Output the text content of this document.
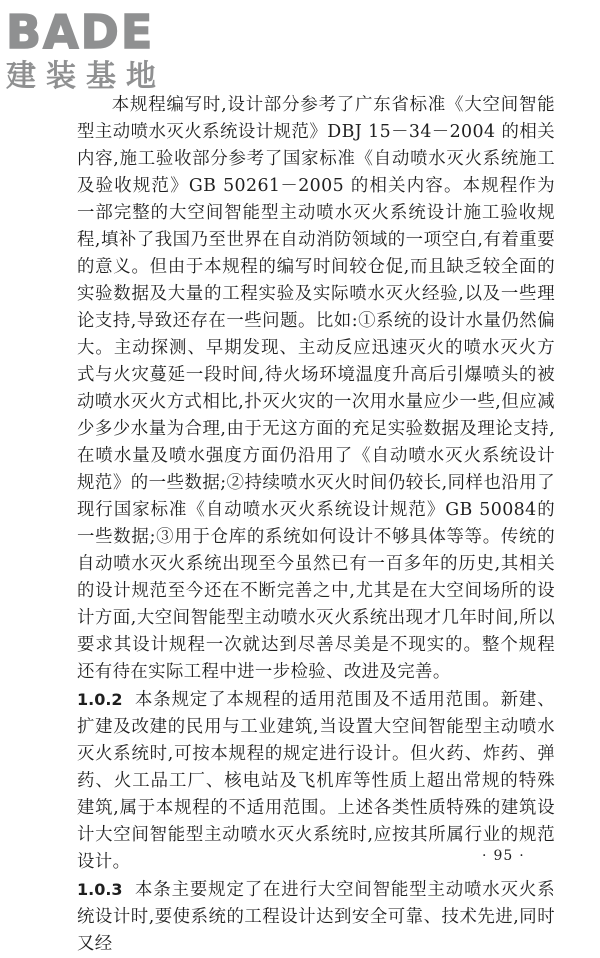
BADE
建装基地

本规程编写时,设计部分参考了广东省标准《大空间智能型主动喷水灭火系统设计规范》DBJ 15－34－2004 的相关内容,施工验收部分参考了国家标准《自动喷水灭火系统施工及验收规范》GB 50261－2005 的相关内容。本规程作为一部完整的大空间智能型主动喷水灭火系统设计施工验收规程,填补了我国乃至世界在自动消防领域的一项空白,有着重要的意义。但由于本规程的编写时间较仓促,而且缺乏较全面的实验数据及大量的工程实验及实际喷水灭火经验,以及一些理论支持,导致还存在一些问题。比如:①系统的设计水量仍然偏大。主动探测、早期发现、主动反应迅速灭火的喷水灭火方式与火灾蔓延一段时间,待火场环境温度升高后引爆喷头的被动喷水灭火方式相比,扑灭火灾的一次用水量应少一些,但应减少多少水量为合理,由于无这方面的充足实验数据及理论支持,在喷水量及喷水强度方面仍沿用了《自动喷水灭火系统设计规范》的一些数据;②持续喷水灭火时间仍较长,同样也沿用了现行国家标准《自动喷水灭火系统设计规范》GB 50084的一些数据;③用于仓库的系统如何设计不够具体等等。传统的自动喷水灭火系统出现至今虽然已有一百多年的历史,其相关的设计规范至今还在不断完善之中,尤其是在大空间场所的设计方面,大空间智能型主动喷水灭火系统出现才几年时间,所以要求其设计规程一次就达到尽善尽美是不现实的。整个规程还有待在实际工程中进一步检验、改进及完善。

1.0.2 本条规定了本规程的适用范围及不适用范围。新建、扩建及改建的民用与工业建筑,当设置大空间智能型主动喷水灭火系统时,可按本规程的规定进行设计。但火药、炸药、弹药、火工品工厂、核电站及飞机库等性质上超出常规的特殊建筑,属于本规程的不适用范围。上述各类性质特殊的建筑设计大空间智能型主动喷水灭火系统时,应按其所属行业的规范设计。

1.0.3 本条主要规定了在进行大空间智能型主动喷水灭火系统设计时,要使系统的工程设计达到安全可靠、技术先进,同时又经

· 95 ·
